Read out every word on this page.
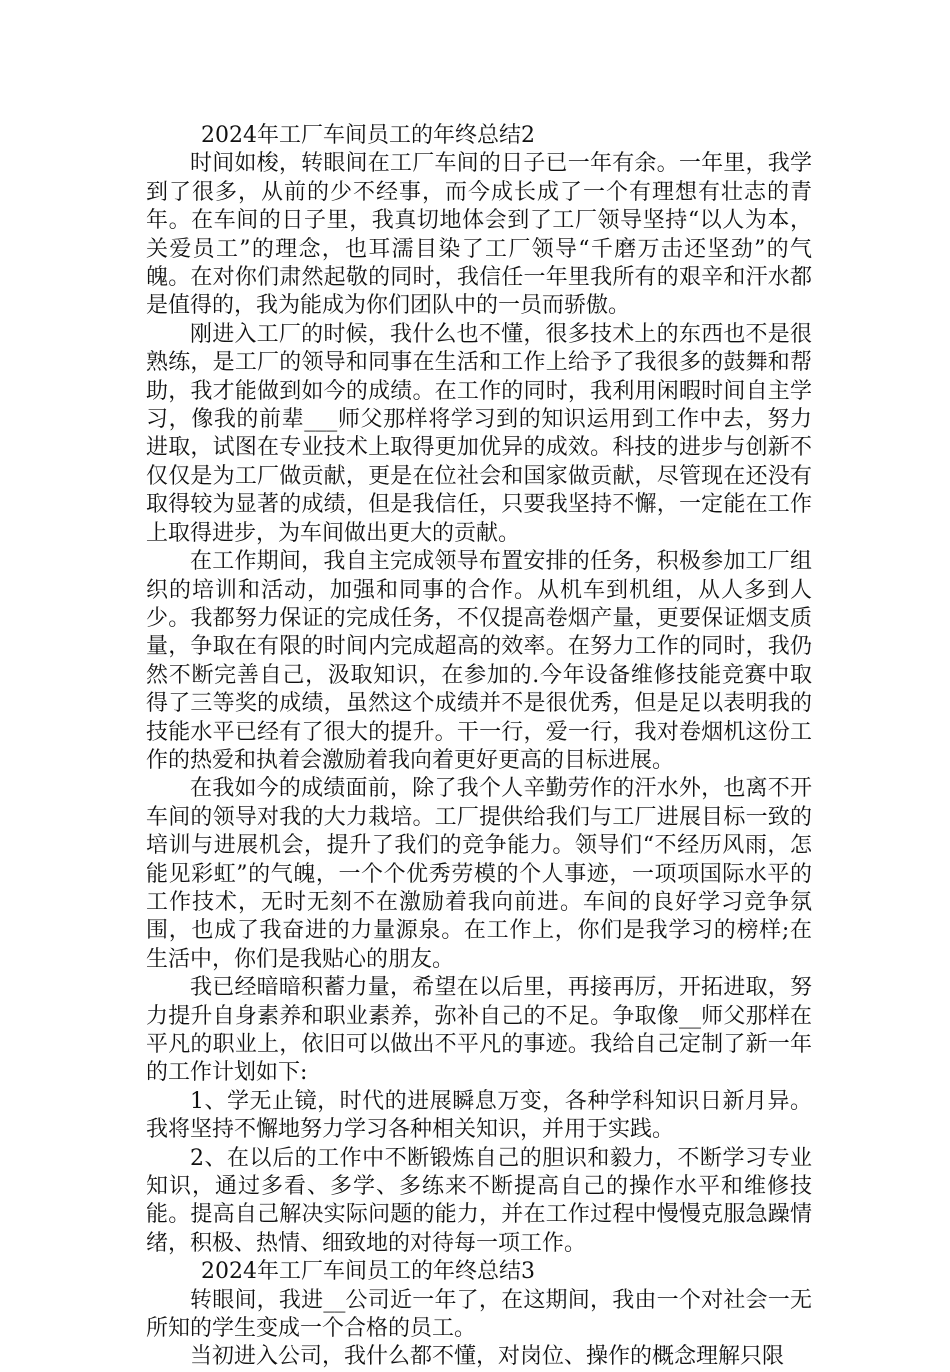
2024年工厂车间员工的年终总结2

时间如梭，转眼间在工厂车间的日子已一年有余。一年里，我学到了很多，从前的少不经事，而今成长成了一个有理想有壮志的青年。在车间的日子里，我真切地体会到了工厂领导坚持“以人为本，关爱员工”的理念，也耳濡目染了工厂领导“千磨万击还坚劲”的气魄。在对你们肃然起敬的同时，我信任一年里我所有的艰辛和汗水都是值得的，我为能成为你们团队中的一员而骄傲。

刚进入工厂的时候，我什么也不懂，很多技术上的东西也不是很熟练，是工厂的领导和同事在生活和工作上给予了我很多的鼓舞和帮助，我才能做到如今的成绩。在工作的同时，我利用闲暇时间自主学习，像我的前辈___师父那样将学习到的知识运用到工作中去，努力进取，试图在专业技术上取得更加优异的成效。科技的进步与创新不仅仅是为工厂做贡献，更是在位社会和国家做贡献，尽管现在还没有取得较为显著的成绩，但是我信任，只要我坚持不懈，一定能在工作上取得进步，为车间做出更大的贡献。

在工作期间，我自主完成领导布置安排的任务，积极参加工厂组织的培训和活动，加强和同事的合作。从机车到机组，从人多到人少。我都努力保证的完成任务，不仅提高卷烟产量，更要保证烟支质量，争取在有限的时间内完成超高的效率。在努力工作的同时，我仍然不断完善自己，汲取知识，在参加的.今年设备维修技能竞赛中取得了三等奖的成绩，虽然这个成绩并不是很优秀，但是足以表明我的技能水平已经有了很大的提升。干一行，爱一行，我对卷烟机这份工作的热爱和执着会激励着我向着更好更高的目标进展。

在我如今的成绩面前，除了我个人辛勤劳作的汗水外，也离不开车间的领导对我的大力栽培。工厂提供给我们与工厂进展目标一致的培训与进展机会，提升了我们的竞争能力。领导们“不经历风雨，怎能见彩虹”的气魄，一个个优秀劳模的个人事迹，一项项国际水平的工作技术，无时无刻不在激励着我向前进。车间的良好学习竞争氛围，也成了我奋进的力量源泉。在工作上，你们是我学习的榜样;在生活中，你们是我贴心的朋友。

我已经暗暗积蓄力量，希望在以后里，再接再厉，开拓进取，努力提升自身素养和职业素养，弥补自己的不足。争取像__师父那样在平凡的职业上，依旧可以做出不平凡的事迹。我给自己定制了新一年的工作计划如下:

1、学无止镜，时代的进展瞬息万变，各种学科知识日新月异。我将坚持不懈地努力学习各种相关知识，并用于实践。

2、在以后的工作中不断锻炼自己的胆识和毅力，不断学习专业知识，通过多看、多学、多练来不断提高自己的操作水平和维修技能。提高自己解决实际问题的能力，并在工作过程中慢慢克服急躁情绪，积极、热情、细致地的对待每一项工作。

2024年工厂车间员工的年终总结3

转眼间，我进__公司近一年了，在这期间，我由一个对社会一无所知的学生变成一个合格的员工。

当初进入公司，我什么都不懂，对岗位、操作的概念理解只限
